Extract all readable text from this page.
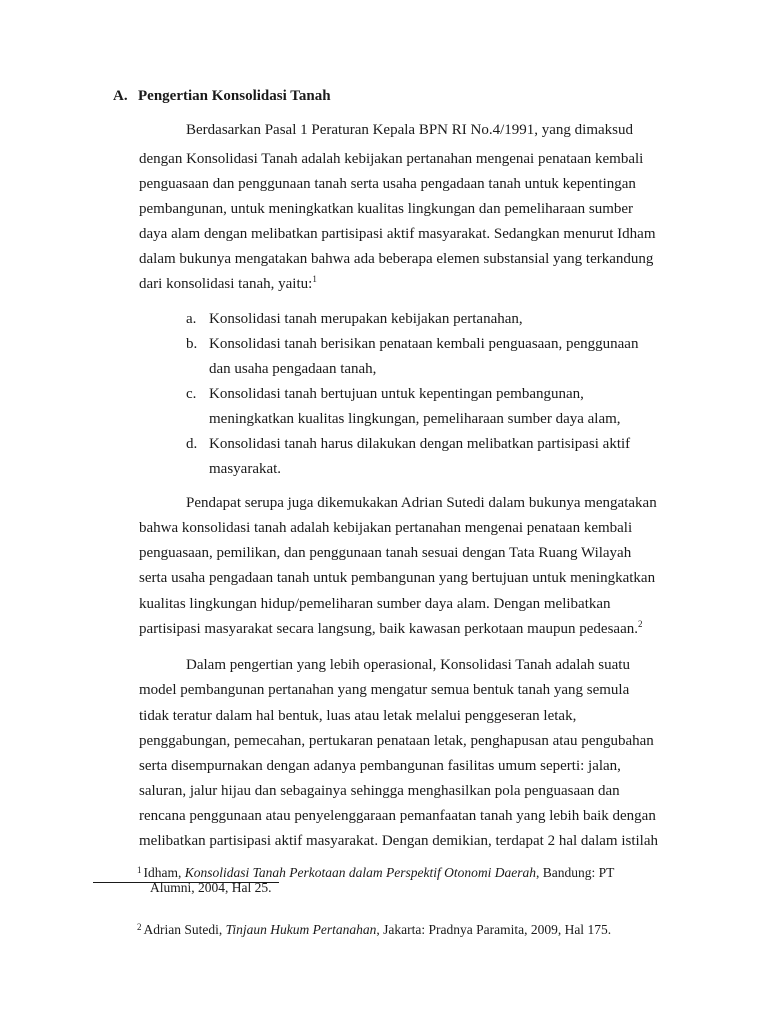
A. Pengertian Konsolidasi Tanah
Berdasarkan Pasal 1 Peraturan Kepala BPN RI No.4/1991, yang dimaksud
dengan Konsolidasi Tanah adalah kebijakan pertanahan mengenai penataan kembali
penguasaan dan penggunaan tanah serta usaha pengadaan tanah untuk kepentingan
pembangunan, untuk meningkatkan kualitas lingkungan dan pemeliharaan sumber
daya alam dengan melibatkan partisipasi aktif masyarakat. Sedangkan menurut Idham
dalam bukunya mengatakan bahwa ada beberapa elemen substansial yang terkandung
dari konsolidasi tanah, yaitu:$^1$
a. Konsolidasi tanah merupakan kebijakan pertanahan,
b. Konsolidasi tanah berisikan penataan kembali penguasaan, penggunaan
dan usaha pengadaan tanah,
c. Konsolidasi tanah bertujuan untuk kepentingan pembangunan,
meningkatkan kualitas lingkungan, pemeliharaan sumber daya alam,
d. Konsolidasi tanah harus dilakukan dengan melibatkan partisipasi aktif
masyarakat.
Pendapat serupa juga dikemukakan Adrian Sutedi dalam bukunya mengatakan
bahwa konsolidasi tanah adalah kebijakan pertanahan mengenai penataan kembali
penguasaan, pemilikan, dan penggunaan tanah sesuai dengan Tata Ruang Wilayah
serta usaha pengadaan tanah untuk pembangunan yang bertujuan untuk meningkatkan
kualitas lingkungan hidup/pemeliharan sumber daya alam. Dengan melibatkan
partisipasi masyarakat secara langsung, baik kawasan perkotaan maupun pedesaan.$^2$
Dalam pengertian yang lebih operasional, Konsolidasi Tanah adalah suatu
model pembangunan pertanahan yang mengatur semua bentuk tanah yang semula
tidak teratur dalam hal bentuk, luas atau letak melalui penggeseran letak,
penggabungan, pemecahan, pertukaran penataan letak, penghapusan atau pengubahan
serta disempurnakan dengan adanya pembangunan fasilitas umum seperti: jalan,
saluran, jalur hijau dan sebagainya sehingga menghasilkan pola penguasaan dan
rencana penggunaan atau penyelenggaraan pemanfaatan tanah yang lebih baik dengan
melibatkan partisipasi aktif masyarakat. Dengan demikian, terdapat 2 hal dalam istilah
$^1$ Idham, Konsolidasi Tanah Perkotaan dalam Perspektif Otonomi Daerah, Bandung: PT
Alumni, 2004, Hal 25.
$^2$ Adrian Sutedi, Tinjaun Hukum Pertanahan, Jakarta: Pradnya Paramita, 2009, Hal 175.
